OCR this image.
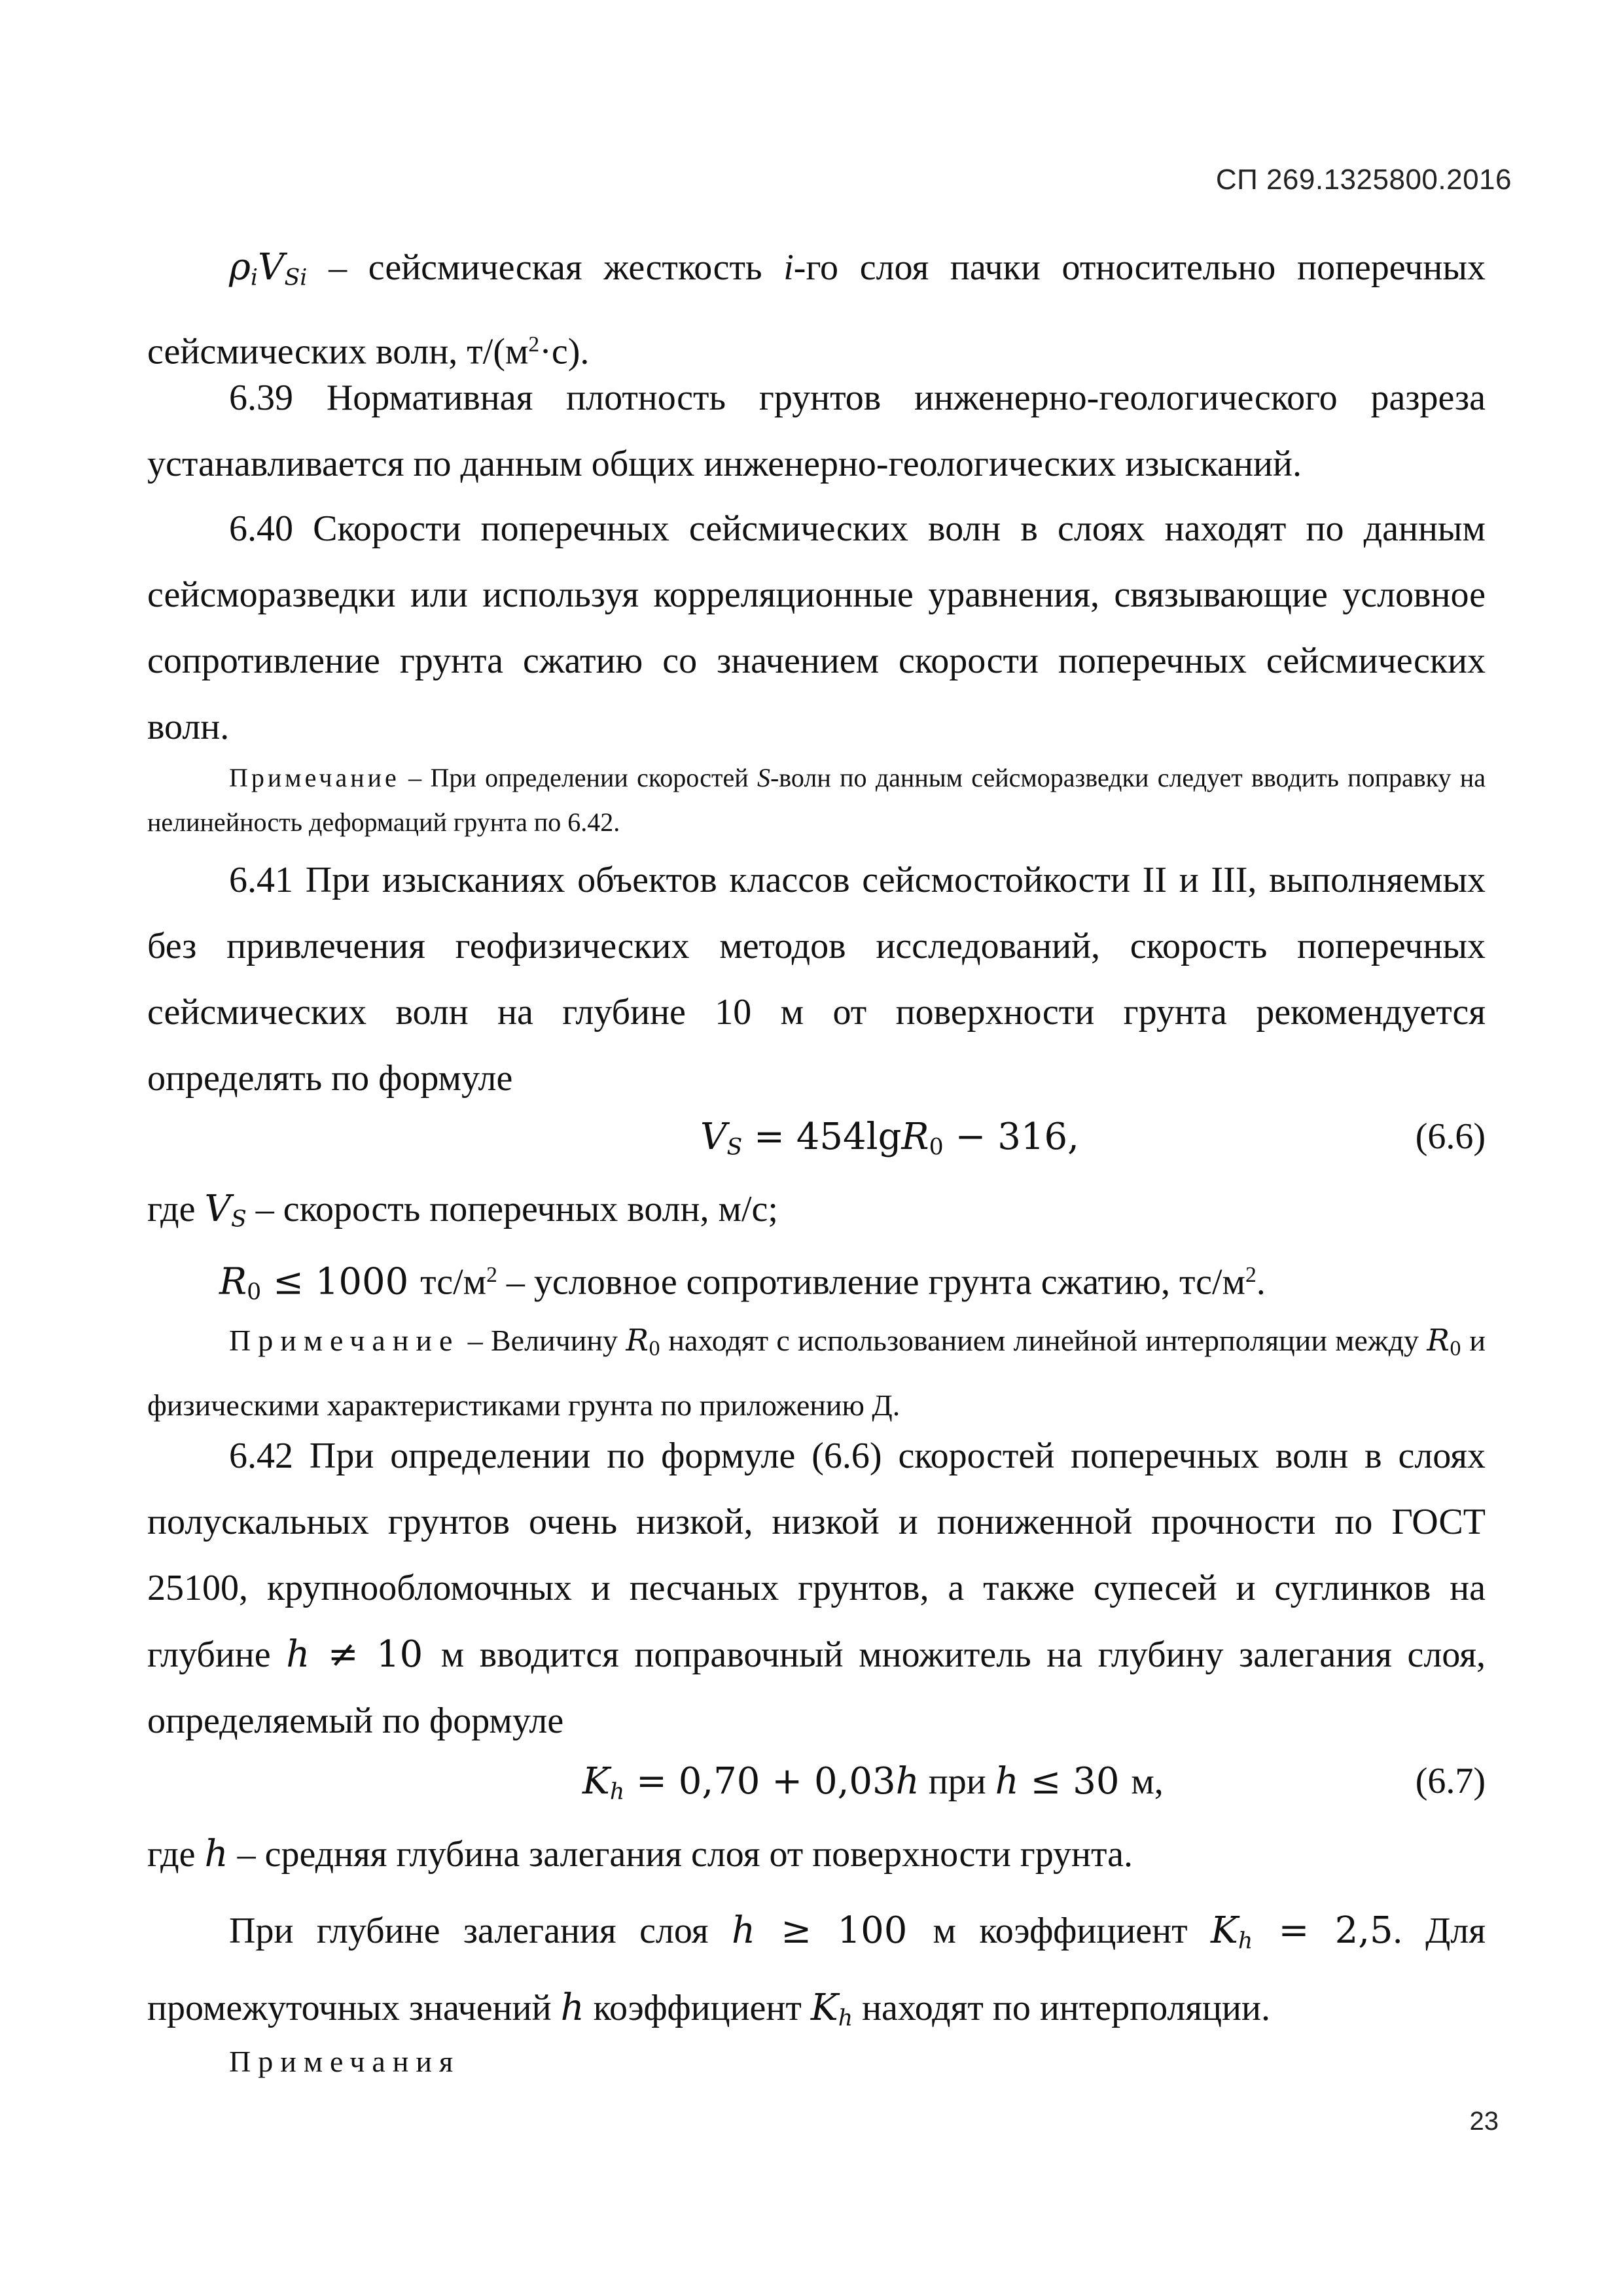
СП 269.1325800.2016

$\rho_iV_{Si}$ – сейсмическая жесткость i-го слоя пачки относительно поперечных сейсмических волн, $т/(м^2\cdot с)$.

6.39 Нормативная плотность грунтов инженерно-геологического разреза устанавливается по данным общих инженерно-геологических изысканий.

6.40 Скорости поперечных сейсмических волн в слоях находят по данным сейсморазведки или используя корреляционные уравнения, связывающие условное сопротивление грунта сжатию со значением скорости поперечных сейсмических волн.

Примечание – При определении скоростей S-волн по данным сейсморазведки следует вводить поправку на нелинейность деформаций грунта по 6.42.

6.41 При изысканиях объектов классов сейсмостойкости II и III, выполняемых без привлечения геофизических методов исследований, скорость поперечных сейсмических волн на глубине 10 м от поверхности грунта рекомендуется определять по формуле

$V_S = 454\lg R_0 - 316$,	(6.6)

где $V_S$ – скорость поперечных волн, м/с;

$R_0 \le 1000$ $тс/м^2$ – условное сопротивление грунта сжатию, $тс/м^2$.

Примечание – Величину $R_0$ находят с использованием линейной интерполяции между $R_0$ и физическими характеристиками грунта по приложению Д.

6.42 При определении по формуле (6.6) скоростей поперечных волн в слоях полускальных грунтов очень низкой, низкой и пониженной прочности по ГОСТ 25100, крупнообломочных и песчаных грунтов, а также супесей и суглинков на глубине h ≠ 10 м вводится поправочный множитель на глубину залегания слоя, определяемый по формуле

$K_h = 0,70 + 0,03h$ при h ≤ 30 м,	(6.7)

где h – средняя глубина залегания слоя от поверхности грунта.

При глубине залегания слоя h ≥ 100 м коэффициент $K_h = 2,5$. Для промежуточных значений h коэффициент $K_h$ находят по интерполяции.

Примечания

23
